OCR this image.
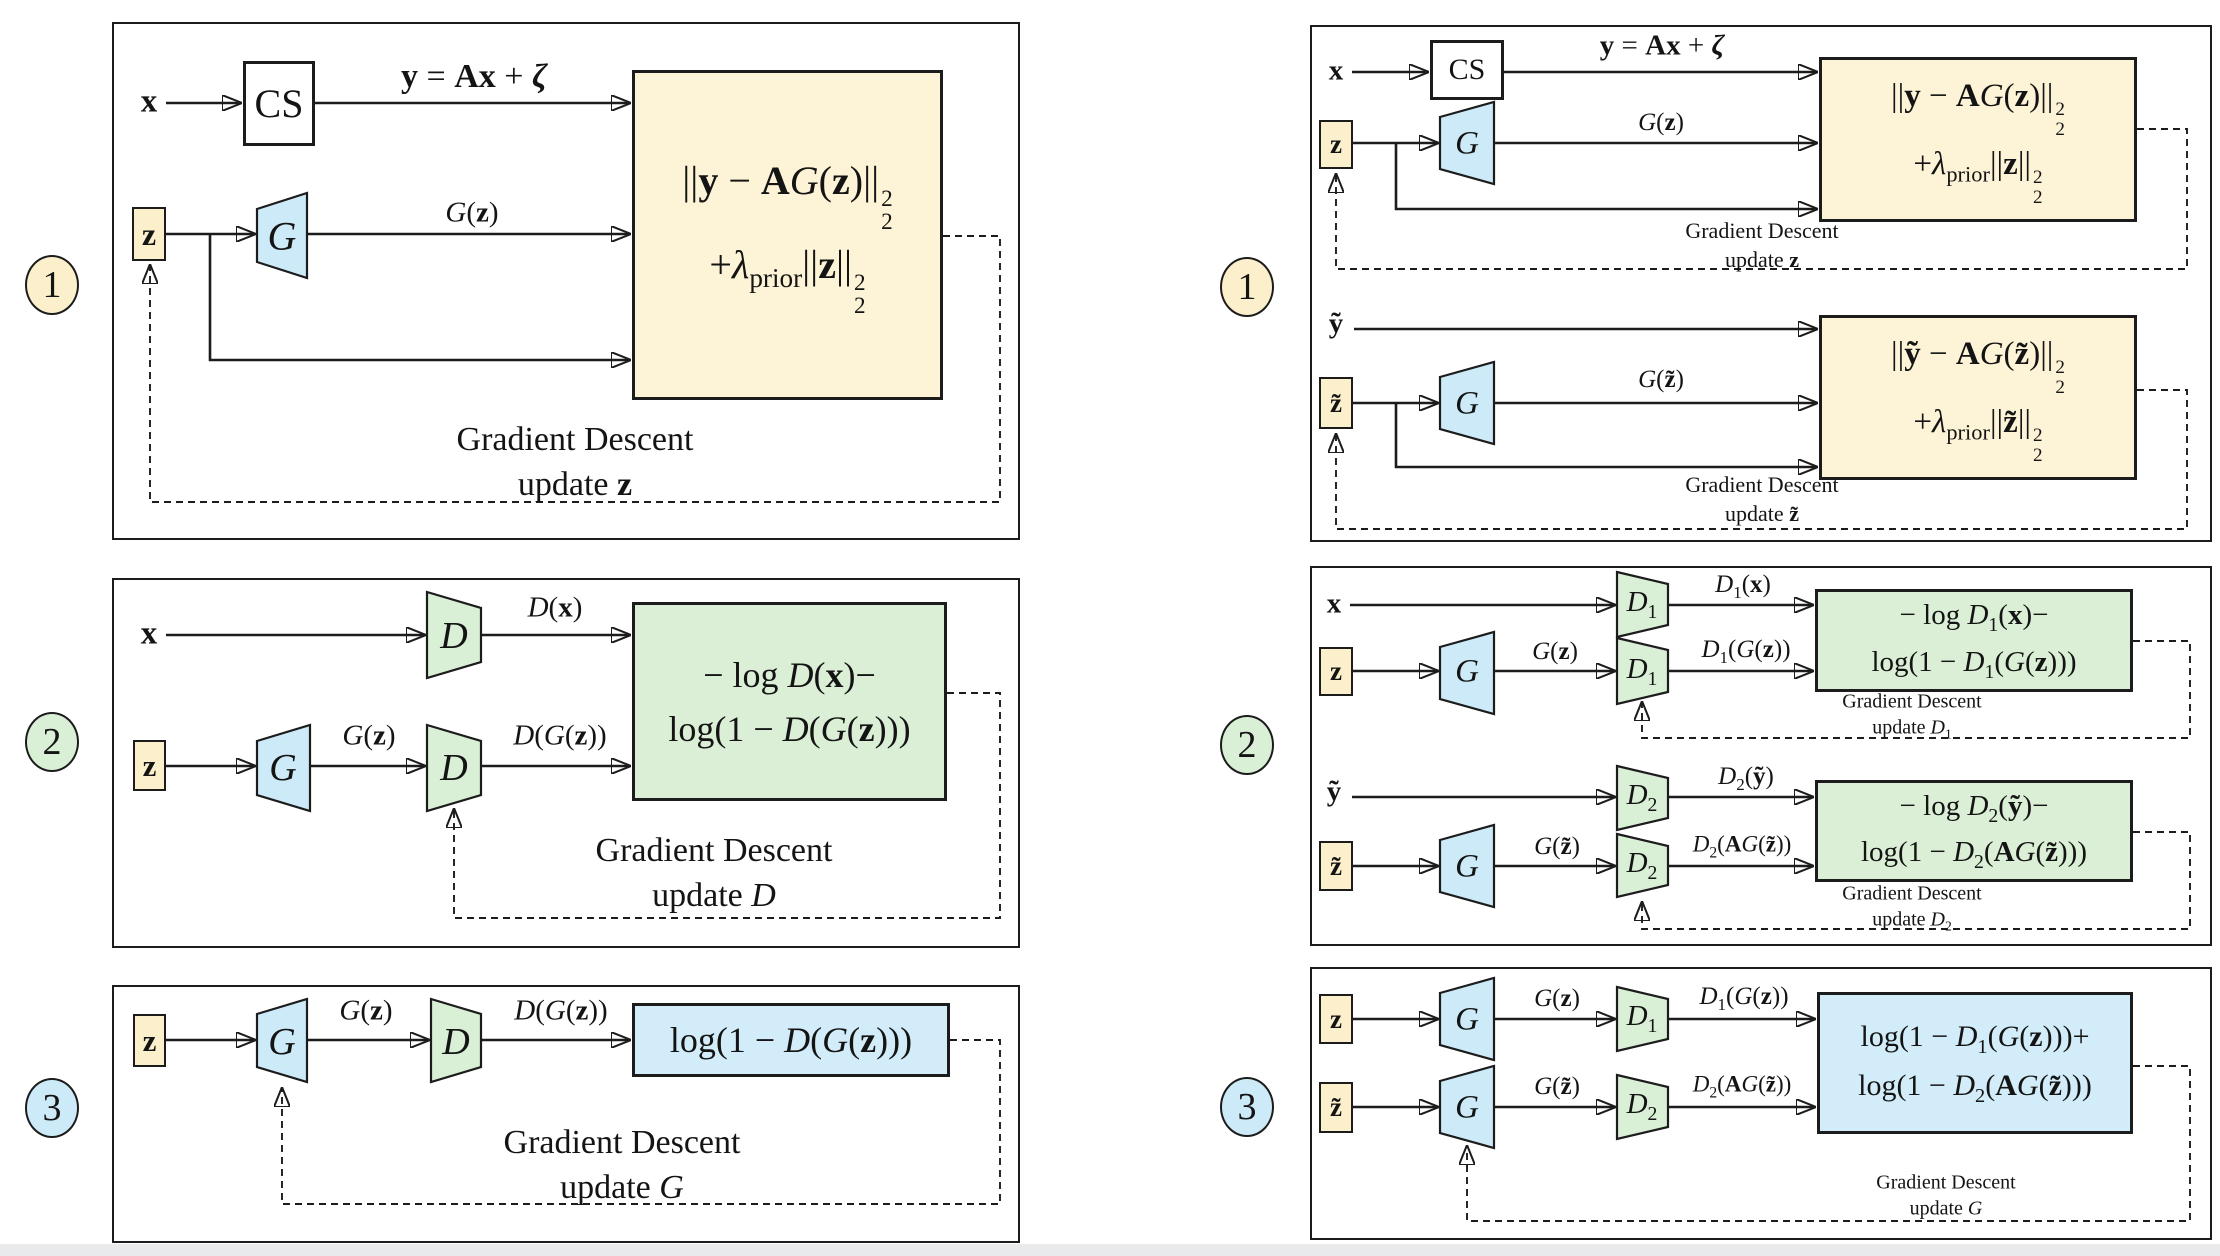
1
2
3
1
2
3
CS
||y − AG(z)|| 2
2
$+\lambda_{prior}||z||$ 2
2
z
x
y = Ax + ζ
G
G(z)
Gradient Descent
update z
− log D(x)−
log(1 − D(G(z)))
z
x	D
D(x)
G
G(z)
D
D(G(z))
Gradient Descent
update D
log(1 − D(G(z)))
z	G
G(z)
D
D(G(z))
Gradient Descent
update G
CS
||y − AG(z)|| 2
2
$+\lambda_{prior}||z||$ 2
2
z
x
y = Ax + ζ
G
G(z)
Gradient Descent
update z
||ỹ − AG(z̃)|| 2
2
$+\lambda_{prior}||z̃||$ 2
2
z̃
ỹ
G
G(z̃)
Gradient Descent
update z̃
− $\log D_1(x)-$
$\log(1 - D_1(G(z)))$
z
x	$D_1$
$D_1(x)$
G
G(z)
$D_1$
$D_1(G(z))$
Gradient Descent
update $D_1$
− $\log D_2(ỹ)-$
$\log(1 - D_2(AG(z̃)))$
z̃
ỹ	$D_2$
$D_2(ỹ)$
G
G(z̃)
$D_2$
$D_2(AG(z̃))$
Gradient Descent
update $D_2$
$\log(1 - D_1(G(z)))+$
$\log(1 - D_2(AG(z̃)))$
z
z̃
G
G(z)
$D_1$
$D_1(G(z))$
G
G(z̃)
$D_2$
$D_2(AG(z̃))$
Gradient Descent
update G
